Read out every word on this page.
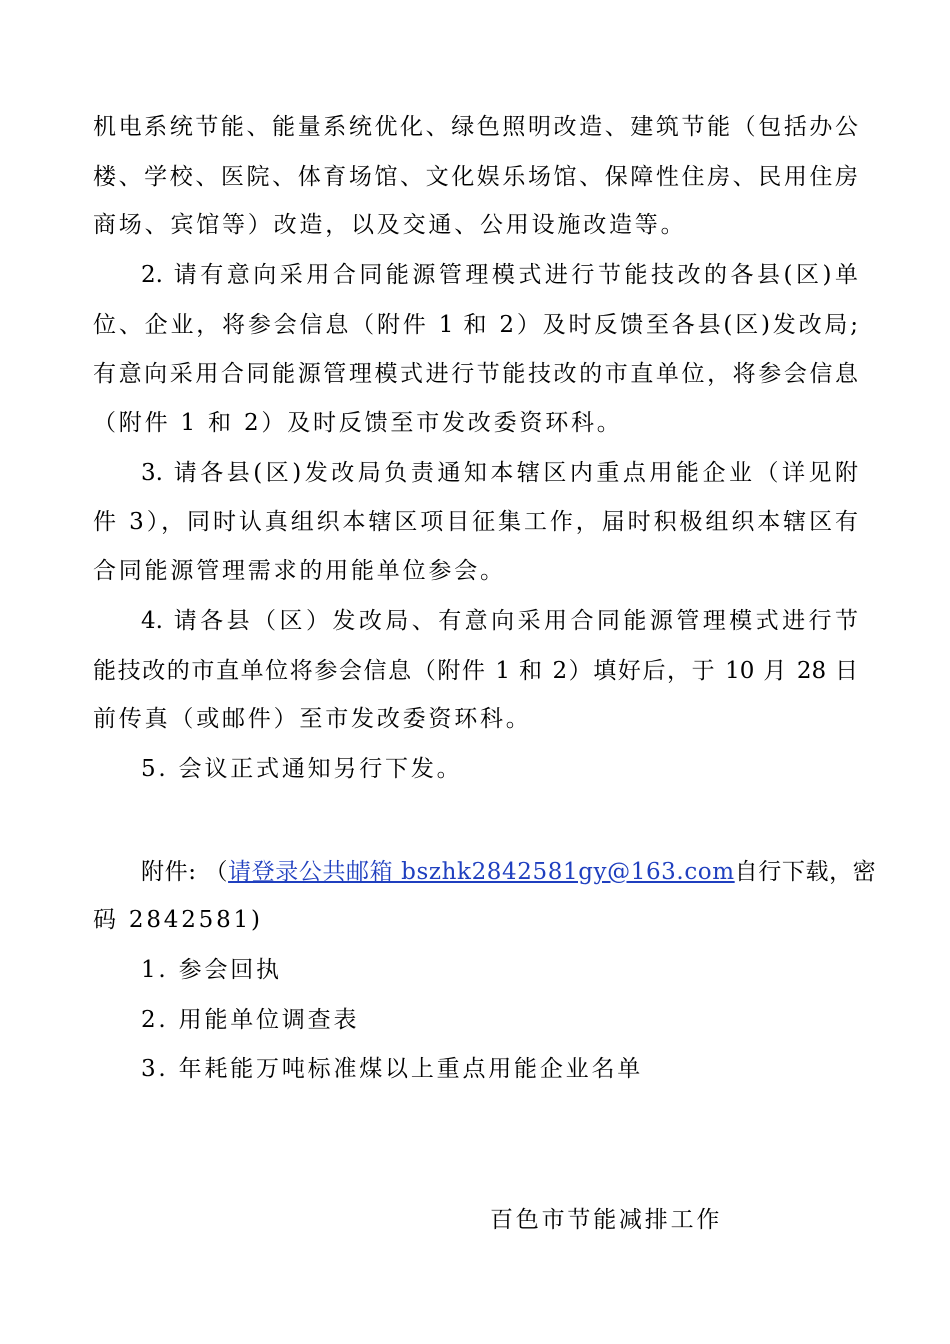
机电系统节能、能量系统优化、绿色照明改造、建筑节能（包括办公
楼、学校、医院、体育场馆、文化娱乐场馆、保障性住房、民用住房
商场、宾馆等）改造，以及交通、公用设施改造等。
2. 请有意向采用合同能源管理模式进行节能技改的各县(区)单
位、企业，将参会信息（附件 1 和 2）及时反馈至各县(区)发改局;
有意向采用合同能源管理模式进行节能技改的市直单位，将参会信息
（附件 1 和 2）及时反馈至市发改委资环科。
3. 请各县(区)发改局负责通知本辖区内重点用能企业（详见附
件 3），同时认真组织本辖区项目征集工作，届时积极组织本辖区有
合同能源管理需求的用能单位参会。
4. 请各县（区）发改局、有意向采用合同能源管理模式进行节
能技改的市直单位将参会信息（附件 1 和 2）填好后，于 10 月 28 日
前传真（或邮件）至市发改委资环科。
5. 会议正式通知另行下发。
附件: （请登录公共邮箱 bszhk2842581gy@163.com自行下载，密
码 2842581)
1. 参会回执
2. 用能单位调查表
3. 年耗能万吨标准煤以上重点用能企业名单
百色市节能减排工作
